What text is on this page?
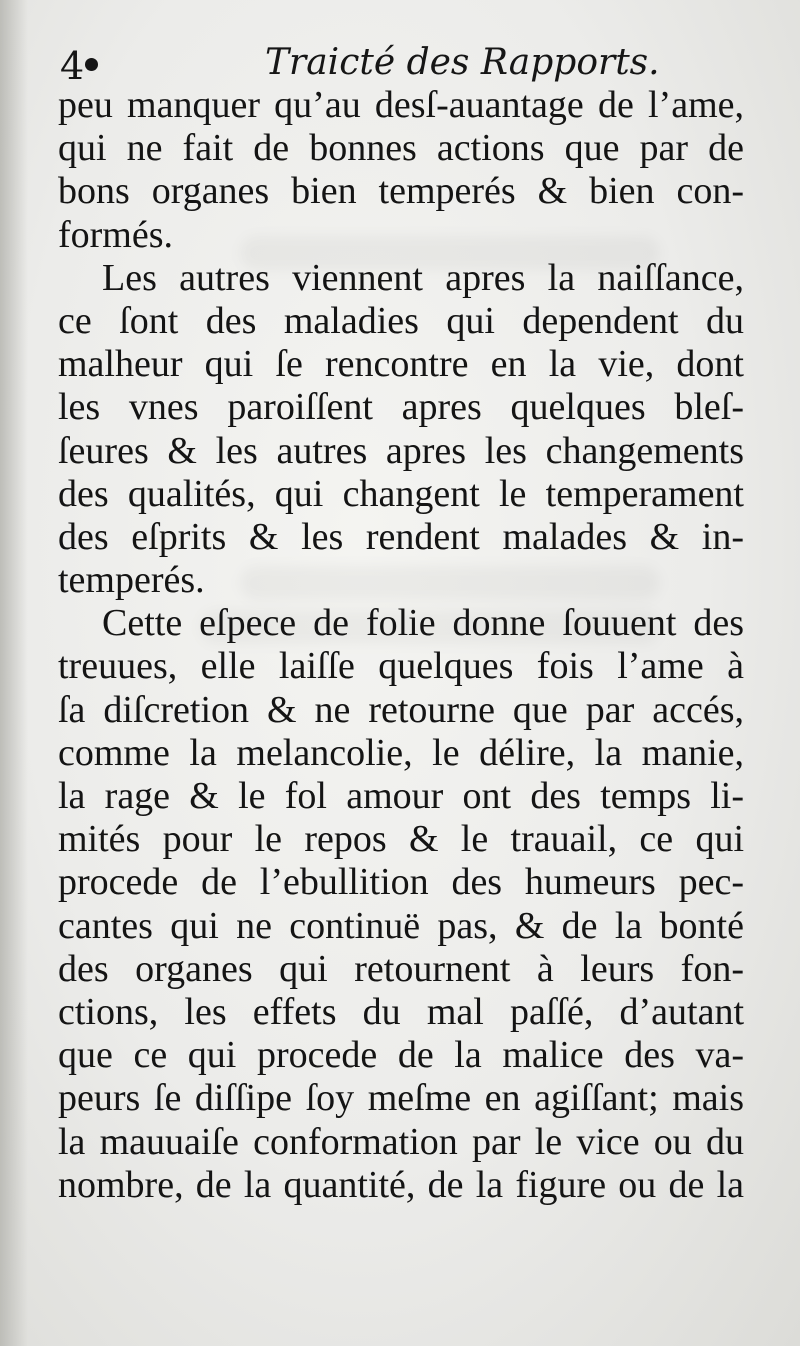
4	Traicté des Rapports.
peu manquer qu’au desſ-auantage de l’ame,
qui ne fait de bonnes actions que par de
bons organes bien temperés & bien con-
formés.
Les autres viennent apres la naiſſance,
ce ſont des maladies qui dependent du
malheur qui ſe rencontre en la vie, dont
les vnes paroiſſent apres quelques bleſ-
ſeures & les autres apres les changements
des qualités, qui changent le temperament
des eſprits & les rendent malades & in-
temperés.
Cette eſpece de folie donne ſouuent des
treuues, elle laiſſe quelques fois l’ame à
ſa diſcretion & ne retourne que par accés,
comme la melancolie, le délire, la manie,
la rage & le fol amour ont des temps li-
mités pour le repos & le trauail, ce qui
procede de l’ebullition des humeurs pec-
cantes qui ne continuë pas, & de la bonté
des organes qui retournent à leurs fon-
ctions, les effets du mal paſſé, d’autant
que ce qui procede de la malice des va-
peurs ſe diſſipe ſoy meſme en agiſſant; mais
la mauuaiſe conformation par le vice ou du
nombre, de la quantité, de la figure ou de la
